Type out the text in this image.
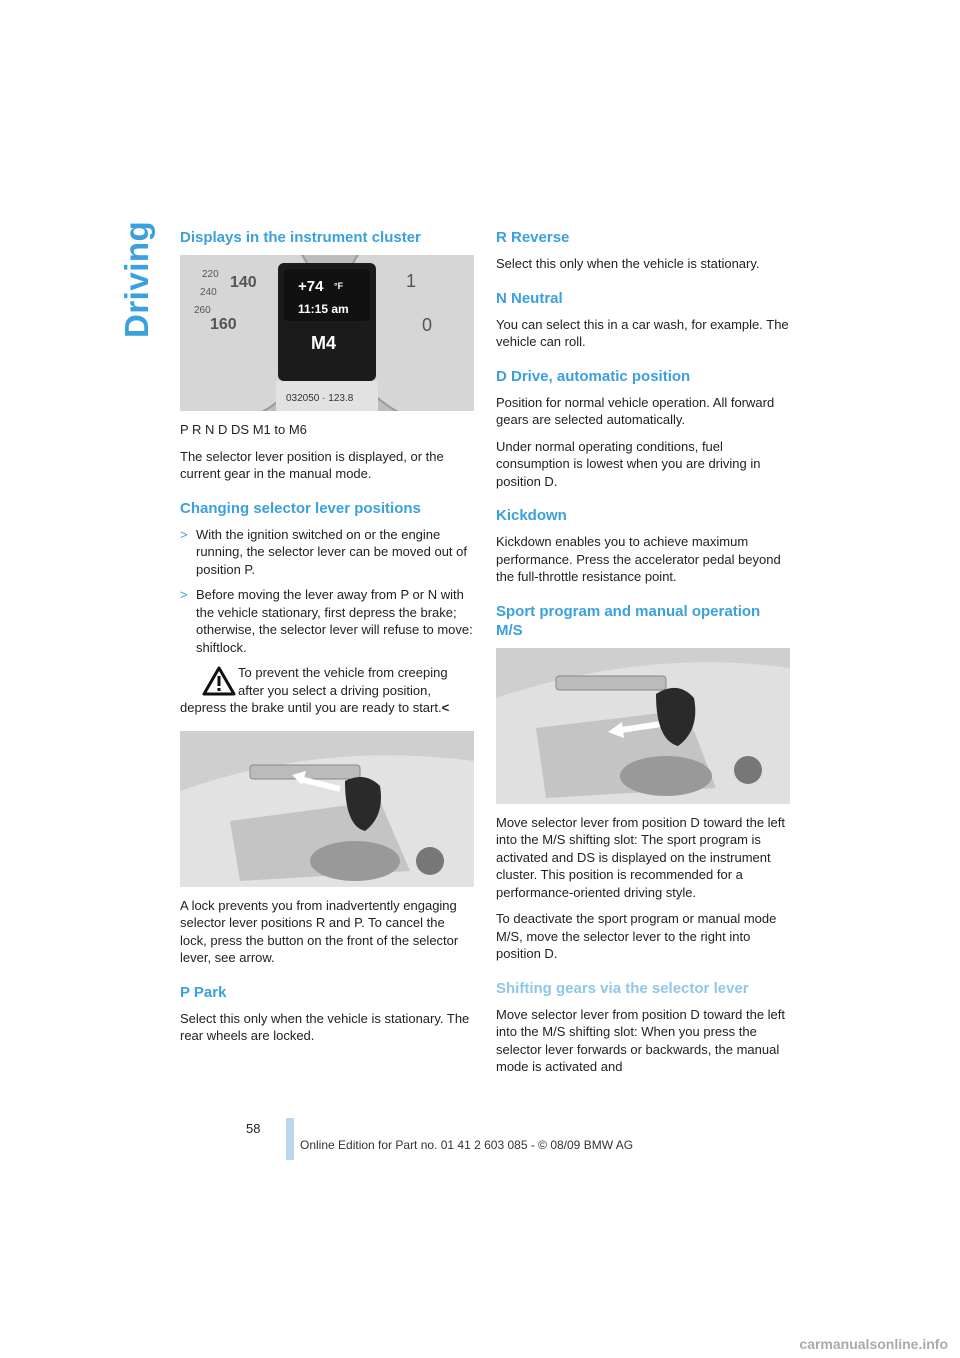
Driving Displays in the instrument cluster
220
240
260
140
160
1
0
+74 °F
11:15 am
M4
032050 · 123.8

P R N D DS M1 to M6

The selector lever position is displayed, or the current gear in the manual mode.

Changing selector lever positions
> With the ignition switched on or the engine running, the selector lever can be moved out of position P.
> Before moving the lever away from P or N with the vehicle stationary, first depress the brake; otherwise, the selector lever will refuse to move: shiftlock.
To prevent the vehicle from creeping after you select a driving position,
depress the brake until you are ready to start.<

A lock prevents you from inadvertently engaging selector lever positions R and P. To cancel the lock, press the button on the front of the selector lever, see arrow.

P Park

Select this only when the vehicle is stationary. The rear wheels are locked.

R Reverse

Select this only when the vehicle is stationary.

N Neutral

You can select this in a car wash, for example. The vehicle can roll.

D Drive, automatic position

Position for normal vehicle operation. All forward gears are selected automatically.

Under normal operating conditions, fuel consumption is lowest when you are driving in position D.

Kickdown

Kickdown enables you to achieve maximum performance. Press the accelerator pedal beyond the full-throttle resistance point.

Sport program and manual operation M/S

Move selector lever from position D toward the left into the M/S shifting slot: The sport program is activated and DS is displayed on the instrument cluster. This position is recommended for a performance-oriented driving style.

To deactivate the sport program or manual mode M/S, move the selector lever to the right into position D.

Shifting gears via the selector lever

Move selector lever from position D toward the left into the M/S shifting slot: When you press the selector lever forwards or backwards, the manual mode is activated and

58
Online Edition for Part no. 01 41 2 603 085 - © 08/09 BMW AG
carmanualsonline.info
